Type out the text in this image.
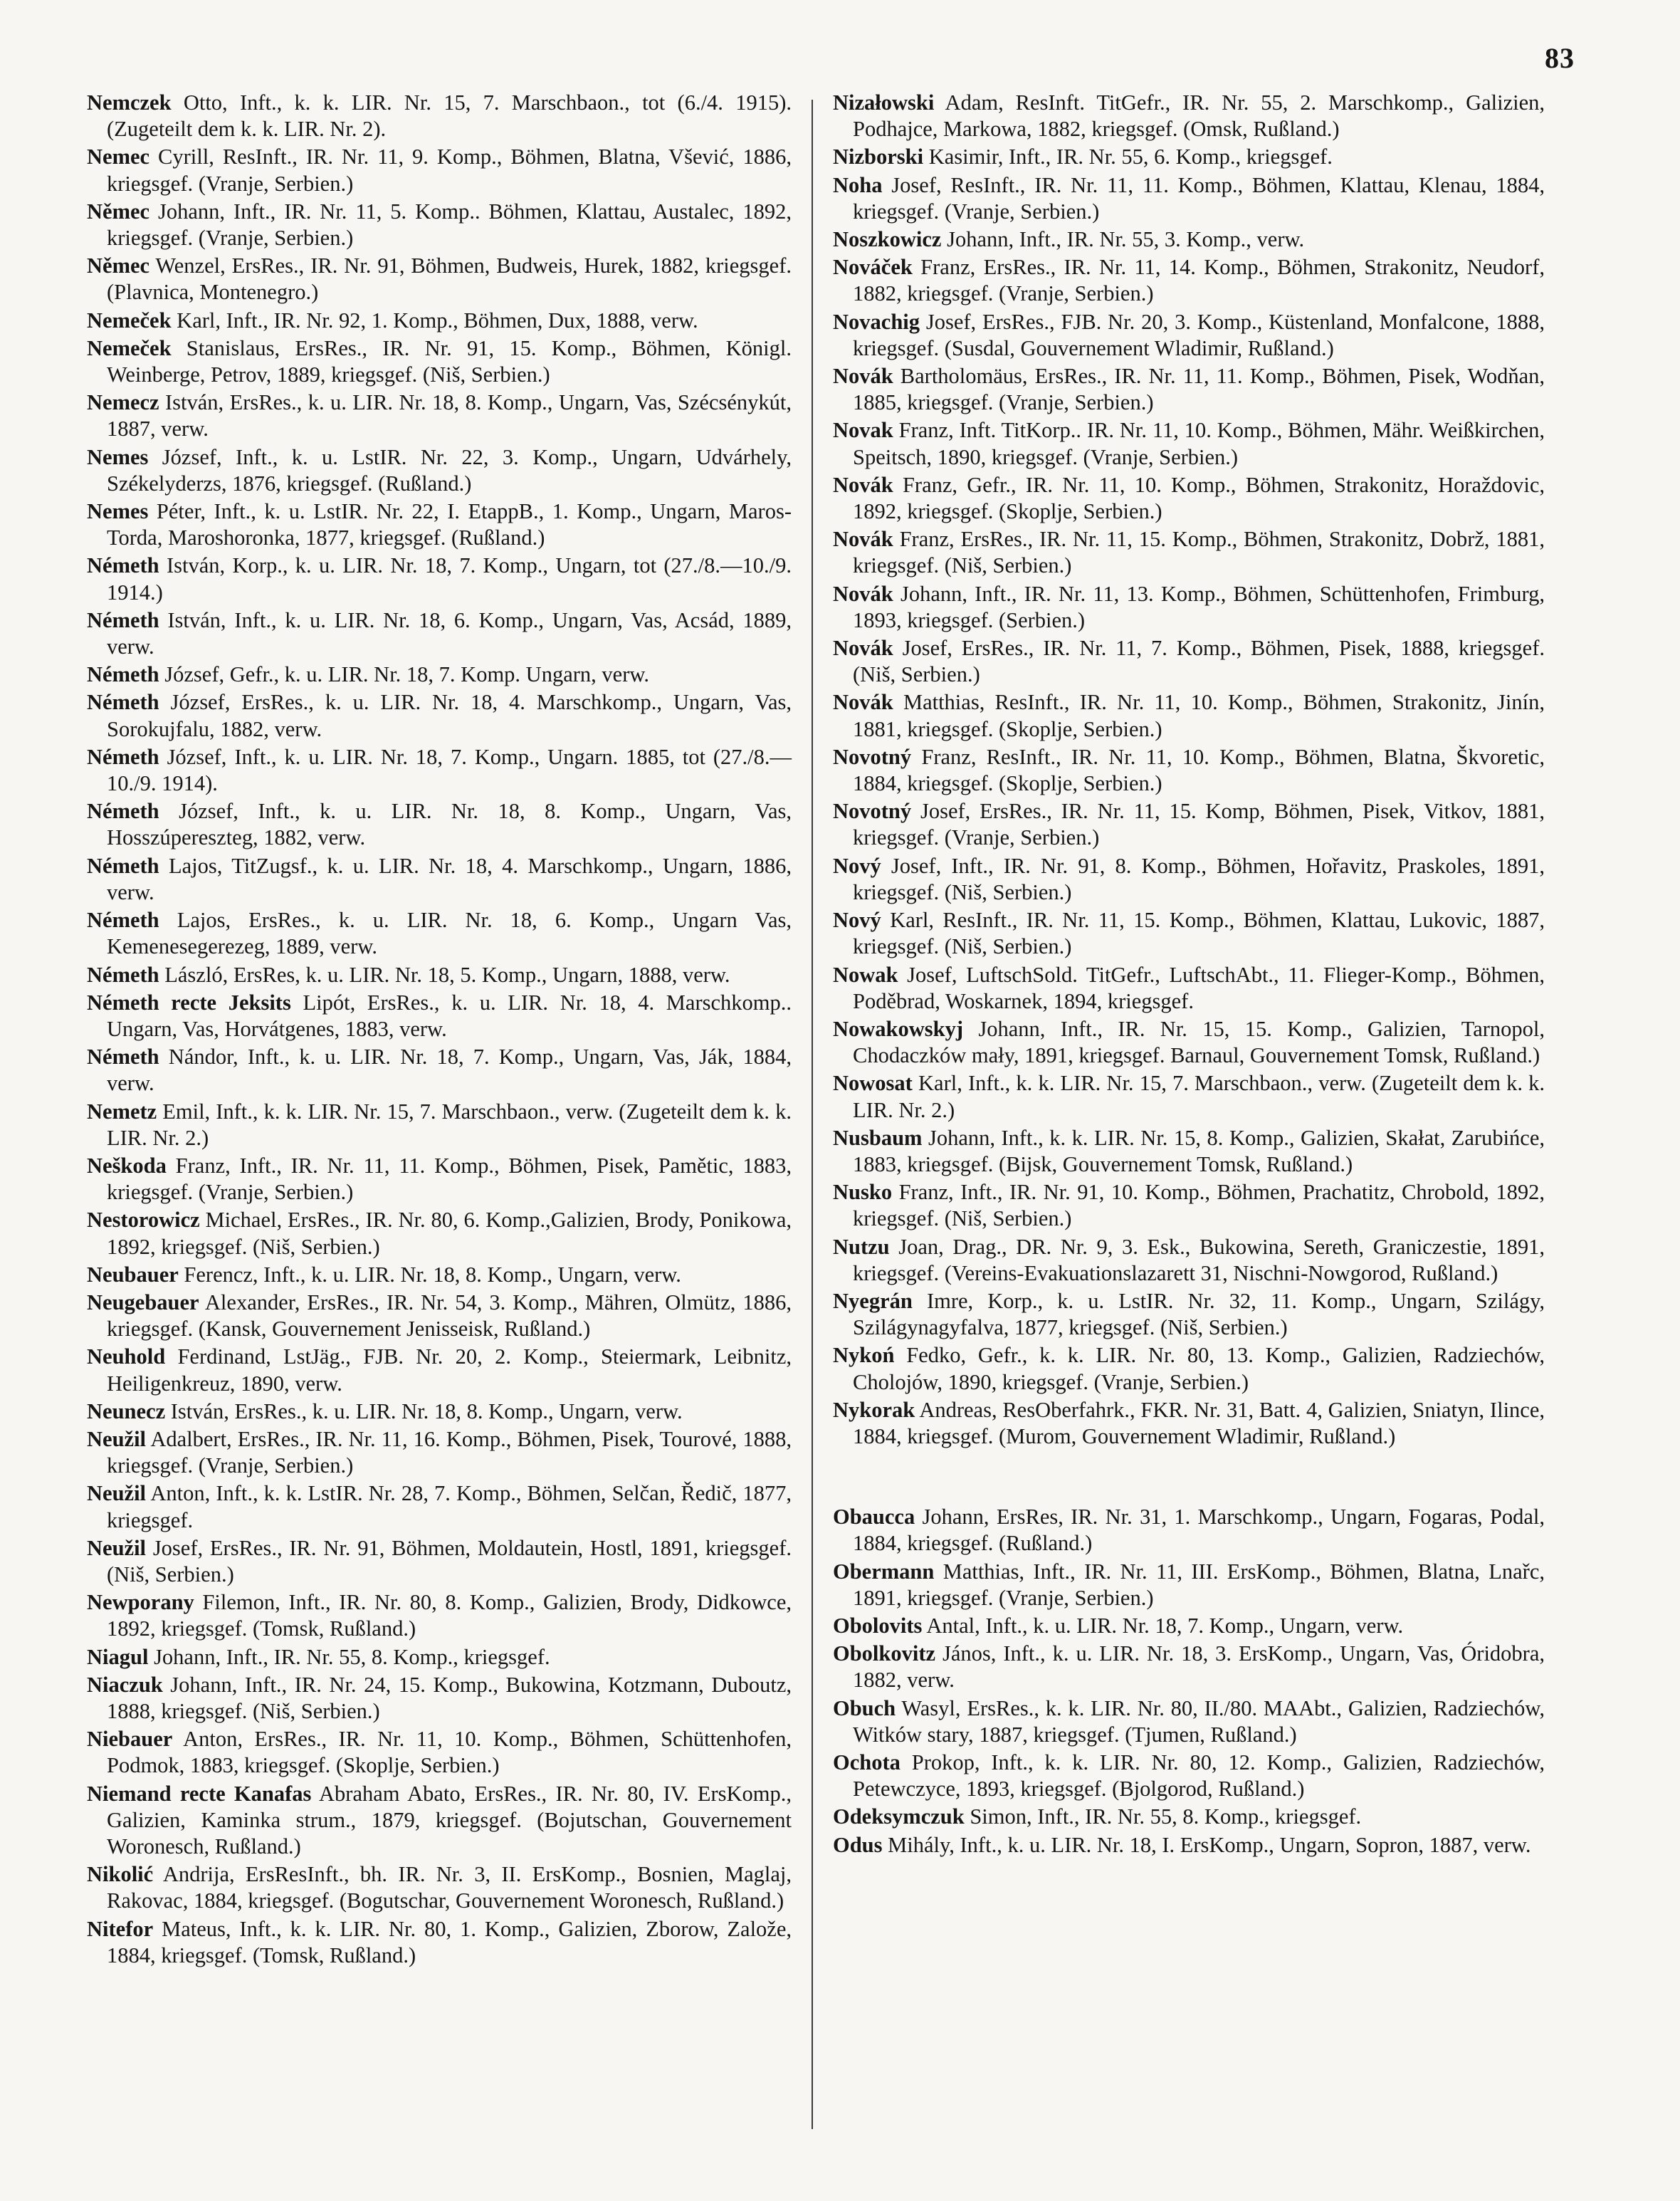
83

Nemczek Otto, Inft., k. k. LIR. Nr. 15, 7. Marschbaon., tot (6./4. 1915). (Zugeteilt dem k. k. LIR. Nr. 2).

Nemec Cyrill, ResInft., IR. Nr. 11, 9. Komp., Böhmen, Blatna, Všević, 1886, kriegsgef. (Vranje, Serbien.)

Němec Johann, Inft., IR. Nr. 11, 5. Komp.. Böhmen, Klattau, Austalec, 1892, kriegsgef. (Vranje, Serbien.)

Němec Wenzel, ErsRes., IR. Nr. 91, Böhmen, Budweis, Hurek, 1882, kriegsgef. (Plavnica, Montenegro.)

Nemeček Karl, Inft., IR. Nr. 92, 1. Komp., Böhmen, Dux, 1888, verw.

Nemeček Stanislaus, ErsRes., IR. Nr. 91, 15. Komp., Böhmen, Königl. Weinberge, Petrov, 1889, kriegsgef. (Niš, Serbien.)

Nemecz István, ErsRes., k. u. LIR. Nr. 18, 8. Komp., Ungarn, Vas, Szécsénykút, 1887, verw.

Nemes József, Inft., k. u. LstIR. Nr. 22, 3. Komp., Ungarn, Udvárhely, Székelyderzs, 1876, kriegsgef. (Rußland.)

Nemes Péter, Inft., k. u. LstIR. Nr. 22, I. EtappB., 1. Komp., Ungarn, Maros-Torda, Maroshoronka, 1877, kriegsgef. (Rußland.)

Németh István, Korp., k. u. LIR. Nr. 18, 7. Komp., Ungarn, tot (27./8.—10./9. 1914.)

Németh István, Inft., k. u. LIR. Nr. 18, 6. Komp., Ungarn, Vas, Acsád, 1889, verw.

Németh József, Gefr., k. u. LIR. Nr. 18, 7. Komp. Ungarn, verw.

Németh József, ErsRes., k. u. LIR. Nr. 18, 4. Marschkomp., Ungarn, Vas, Sorokujfalu, 1882, verw.

Németh József, Inft., k. u. LIR. Nr. 18, 7. Komp., Ungarn. 1885, tot (27./8.—10./9. 1914).

Németh József, Inft., k. u. LIR. Nr. 18, 8. Komp., Ungarn, Vas, Hosszúpereszteg, 1882, verw.

Németh Lajos, TitZugsf., k. u. LIR. Nr. 18, 4. Marschkomp., Ungarn, 1886, verw.

Németh Lajos, ErsRes., k. u. LIR. Nr. 18, 6. Komp., Ungarn Vas, Kemenesegerezeg, 1889, verw.

Németh László, ErsRes, k. u. LIR. Nr. 18, 5. Komp., Ungarn, 1888, verw.

Németh recte Jeksits Lipót, ErsRes., k. u. LIR. Nr. 18, 4. Marschkomp.. Ungarn, Vas, Horvátgenes, 1883, verw.

Németh Nándor, Inft., k. u. LIR. Nr. 18, 7. Komp., Ungarn, Vas, Ják, 1884, verw.

Nemetz Emil, Inft., k. k. LIR. Nr. 15, 7. Marschbaon., verw. (Zugeteilt dem k. k. LIR. Nr. 2.)

Neškoda Franz, Inft., IR. Nr. 11, 11. Komp., Böhmen, Pisek, Pamětic, 1883, kriegsgef. (Vranje, Serbien.)

Nestorowicz Michael, ErsRes., IR. Nr. 80, 6. Komp.,Galizien, Brody, Ponikowa, 1892, kriegsgef. (Niš, Serbien.)

Neubauer Ferencz, Inft., k. u. LIR. Nr. 18, 8. Komp., Ungarn, verw.

Neugebauer Alexander, ErsRes., IR. Nr. 54, 3. Komp., Mähren, Olmütz, 1886, kriegsgef. (Kansk, Gouvernement Jenisseisk, Rußland.)

Neuhold Ferdinand, LstJäg., FJB. Nr. 20, 2. Komp., Steiermark, Leibnitz, Heiligenkreuz, 1890, verw.

Neunecz István, ErsRes., k. u. LIR. Nr. 18, 8. Komp., Ungarn, verw.

Neužil Adalbert, ErsRes., IR. Nr. 11, 16. Komp., Böhmen, Pisek, Tourové, 1888, kriegsgef. (Vranje, Serbien.)

Neužil Anton, Inft., k. k. LstIR. Nr. 28, 7. Komp., Böhmen, Selčan, Ředič, 1877, kriegsgef.

Neužil Josef, ErsRes., IR. Nr. 91, Böhmen, Moldautein, Hostl, 1891, kriegsgef. (Niš, Serbien.)

Newporany Filemon, Inft., IR. Nr. 80, 8. Komp., Galizien, Brody, Didkowce, 1892, kriegsgef. (Tomsk, Rußland.)

Niagul Johann, Inft., IR. Nr. 55, 8. Komp., kriegsgef.

Niaczuk Johann, Inft., IR. Nr. 24, 15. Komp., Bukowina, Kotzmann, Duboutz, 1888, kriegsgef. (Niš, Serbien.)

Niebauer Anton, ErsRes., IR. Nr. 11, 10. Komp., Böhmen, Schüttenhofen, Podmok, 1883, kriegsgef. (Skoplje, Serbien.)

Niemand recte Kanafas Abraham Abato, ErsRes., IR. Nr. 80, IV. ErsKomp., Galizien, Kaminka strum., 1879, kriegsgef. (Bojutschan, Gouvernement Woronesch, Rußland.)

Nikolić Andrija, ErsResInft., bh. IR. Nr. 3, II. ErsKomp., Bosnien, Maglaj, Rakovac, 1884, kriegsgef. (Bogutschar, Gouvernement Woronesch, Rußland.)

Nitefor Mateus, Inft., k. k. LIR. Nr. 80, 1. Komp., Galizien, Zborow, Založe, 1884, kriegsgef. (Tomsk, Rußland.)

Nizałowski Adam, ResInft. TitGefr., IR. Nr. 55, 2. Marschkomp., Galizien, Podhajce, Markowa, 1882, kriegsgef. (Omsk, Rußland.)

Nizborski Kasimir, Inft., IR. Nr. 55, 6. Komp., kriegsgef.

Noha Josef, ResInft., IR. Nr. 11, 11. Komp., Böhmen, Klattau, Klenau, 1884, kriegsgef. (Vranje, Serbien.)

Noszkowicz Johann, Inft., IR. Nr. 55, 3. Komp., verw.

Nováček Franz, ErsRes., IR. Nr. 11, 14. Komp., Böhmen, Strakonitz, Neudorf, 1882, kriegsgef. (Vranje, Serbien.)

Novachig Josef, ErsRes., FJB. Nr. 20, 3. Komp., Küstenland, Monfalcone, 1888, kriegsgef. (Susdal, Gouvernement Wladimir, Rußland.)

Novák Bartholomäus, ErsRes., IR. Nr. 11, 11. Komp., Böhmen, Pisek, Wodňan, 1885, kriegsgef. (Vranje, Serbien.)

Novak Franz, Inft. TitKorp.. IR. Nr. 11, 10. Komp., Böhmen, Mähr. Weißkirchen, Speitsch, 1890, kriegsgef. (Vranje, Serbien.)

Novák Franz, Gefr., IR. Nr. 11, 10. Komp., Böhmen, Strakonitz, Horaždovic, 1892, kriegsgef. (Skoplje, Serbien.)

Novák Franz, ErsRes., IR. Nr. 11, 15. Komp., Böhmen, Strakonitz, Dobrž, 1881, kriegsgef. (Niš, Serbien.)

Novák Johann, Inft., IR. Nr. 11, 13. Komp., Böhmen, Schüttenhofen, Frimburg, 1893, kriegsgef. (Serbien.)

Novák Josef, ErsRes., IR. Nr. 11, 7. Komp., Böhmen, Pisek, 1888, kriegsgef. (Niš, Serbien.)

Novák Matthias, ResInft., IR. Nr. 11, 10. Komp., Böhmen, Strakonitz, Jinín, 1881, kriegsgef. (Skoplje, Serbien.)

Novotný Franz, ResInft., IR. Nr. 11, 10. Komp., Böhmen, Blatna, Škvoretic, 1884, kriegsgef. (Skoplje, Serbien.)

Novotný Josef, ErsRes., IR. Nr. 11, 15. Komp, Böhmen, Pisek, Vitkov, 1881, kriegsgef. (Vranje, Serbien.)

Nový Josef, Inft., IR. Nr. 91, 8. Komp., Böhmen, Hořavitz, Praskoles, 1891, kriegsgef. (Niš, Serbien.)

Nový Karl, ResInft., IR. Nr. 11, 15. Komp., Böhmen, Klattau, Lukovic, 1887, kriegsgef. (Niš, Serbien.)

Nowak Josef, LuftschSold. TitGefr., LuftschAbt., 11. Flieger-Komp., Böhmen, Poděbrad, Woskarnek, 1894, kriegsgef.

Nowakowskyj Johann, Inft., IR. Nr. 15, 15. Komp., Galizien, Tarnopol, Chodaczków mały, 1891, kriegsgef. Barnaul, Gouvernement Tomsk, Rußland.)

Nowosat Karl, Inft., k. k. LIR. Nr. 15, 7. Marschbaon., verw. (Zugeteilt dem k. k. LIR. Nr. 2.)

Nusbaum Johann, Inft., k. k. LIR. Nr. 15, 8. Komp., Galizien, Skałat, Zarubińce, 1883, kriegsgef. (Bijsk, Gouvernement Tomsk, Rußland.)

Nusko Franz, Inft., IR. Nr. 91, 10. Komp., Böhmen, Prachatitz, Chrobold, 1892, kriegsgef. (Niš, Serbien.)

Nutzu Joan, Drag., DR. Nr. 9, 3. Esk., Bukowina, Sereth, Graniczestie, 1891, kriegsgef. (Vereins-Evakuationslazarett 31, Nischni-Nowgorod, Rußland.)

Nyegrán Imre, Korp., k. u. LstIR. Nr. 32, 11. Komp., Ungarn, Szilágy, Szilágynagyfalva, 1877, kriegsgef. (Niš, Serbien.)

Nykoń Fedko, Gefr., k. k. LIR. Nr. 80, 13. Komp., Galizien, Radziechów, Cholojów, 1890, kriegsgef. (Vranje, Serbien.)

Nykorak Andreas, ResOberfahrk., FKR. Nr. 31, Batt. 4, Galizien, Sniatyn, Ilince, 1884, kriegsgef. (Murom, Gouvernement Wladimir, Rußland.)

Obaucca Johann, ErsRes, IR. Nr. 31, 1. Marschkomp., Ungarn, Fogaras, Podal, 1884, kriegsgef. (Rußland.)

Obermann Matthias, Inft., IR. Nr. 11, III. ErsKomp., Böhmen, Blatna, Lnařc, 1891, kriegsgef. (Vranje, Serbien.)

Obolovits Antal, Inft., k. u. LIR. Nr. 18, 7. Komp., Ungarn, verw.

Obolkovitz János, Inft., k. u. LIR. Nr. 18, 3. ErsKomp., Ungarn, Vas, Óridobra, 1882, verw.

Obuch Wasyl, ErsRes., k. k. LIR. Nr. 80, II./80. MAAbt., Galizien, Radziechów, Witków stary, 1887, kriegsgef. (Tjumen, Rußland.)

Ochota Prokop, Inft., k. k. LIR. Nr. 80, 12. Komp., Galizien, Radziechów, Petewczyce, 1893, kriegsgef. (Bjolgorod, Rußland.)

Odeksymczuk Simon, Inft., IR. Nr. 55, 8. Komp., kriegsgef.

Odus Mihály, Inft., k. u. LIR. Nr. 18, I. ErsKomp., Ungarn, Sopron, 1887, verw.
